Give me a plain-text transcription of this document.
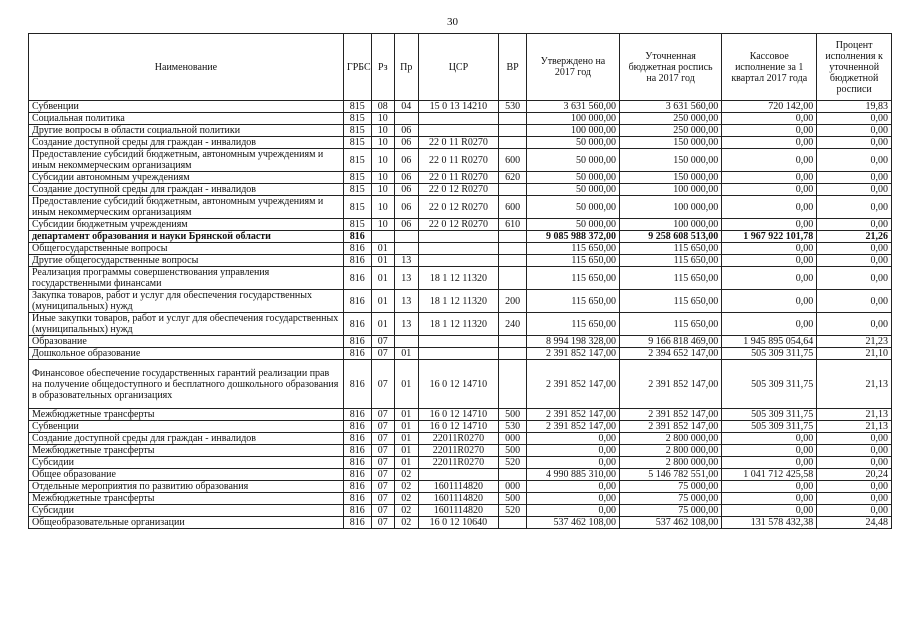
30
Наименование	ГРБС	Рз	Пр	ЦСР	ВР	Утверждено на 2017 год	Уточненная бюджетная роспись на 2017 год	Кассовое исполнение за 1 квартал 2017 года	Процент исполнения к уточненной бюджетной росписи
Субвенции	815	08	04	15 0 13 14210	530	3 631 560,00	3 631 560,00	720 142,00	19,83
Социальная политика	815	10				100 000,00	250 000,00	0,00	0,00
Другие вопросы в области социальной политики	815	10	06			100 000,00	250 000,00	0,00	0,00
Создание доступной среды для граждан - инвалидов	815	10	06	22 0 11 R0270		50 000,00	150 000,00	0,00	0,00
Предоставление субсидий бюджетным, автономным учреждениям и иным некоммерческим организациям	815	10	06	22 0 11 R0270	600	50 000,00	150 000,00	0,00	0,00
Субсидии автономным учреждениям	815	10	06	22 0 11 R0270	620	50 000,00	150 000,00	0,00	0,00
Создание доступной среды для граждан - инвалидов	815	10	06	22 0 12 R0270		50 000,00	100 000,00	0,00	0,00
Предоставление субсидий бюджетным, автономным учреждениям и иным некоммерческим организациям	815	10	06	22 0 12 R0270	600	50 000,00	100 000,00	0,00	0,00
Субсидии бюджетным учреждениям	815	10	06	22 0 12 R0270	610	50 000,00	100 000,00	0,00	0,00
департамент образования и науки Брянской области	816					9 085 988 372,00	9 258 608 513,00	1 967 922 101,78	21,26
Общегосударственные вопросы	816	01				115 650,00	115 650,00	0,00	0,00
Другие общегосударственные вопросы	816	01	13			115 650,00	115 650,00	0,00	0,00
Реализация программы совершенствования управления государственными финансами	816	01	13	18 1 12 11320		115 650,00	115 650,00	0,00	0,00
Закупка товаров, работ и услуг для обеспечения государственных (муниципальных) нужд	816	01	13	18 1 12 11320	200	115 650,00	115 650,00	0,00	0,00
Иные закупки товаров, работ и услуг для обеспечения государственных (муниципальных) нужд	816	01	13	18 1 12 11320	240	115 650,00	115 650,00	0,00	0,00
Образование	816	07				8 994 198 328,00	9 166 818 469,00	1 945 895 054,64	21,23
Дошкольное образование	816	07	01			2 391 852 147,00	2 394 652 147,00	505 309 311,75	21,10
Финансовое обеспечение государственных гарантий реализации прав на получение общедоступного и бесплатного дошкольного образования в образовательных организациях	816	07	01	16 0 12 14710		2 391 852 147,00	2 391 852 147,00	505 309 311,75	21,13
Межбюджетные трансферты	816	07	01	16 0 12 14710	500	2 391 852 147,00	2 391 852 147,00	505 309 311,75	21,13
Субвенции	816	07	01	16 0 12 14710	530	2 391 852 147,00	2 391 852 147,00	505 309 311,75	21,13
Создание доступной среды для граждан - инвалидов	816	07	01	22011R0270	000	0,00	2 800 000,00	0,00	0,00
Межбюджетные трансферты	816	07	01	22011R0270	500	0,00	2 800 000,00	0,00	0,00
Субсидии	816	07	01	22011R0270	520	0,00	2 800 000,00	0,00	0,00
Общее образование	816	07	02			4 990 885 310,00	5 146 782 551,00	1 041 712 425,58	20,24
Отдельные мероприятия по развитию образования	816	07	02	1601114820	000	0,00	75 000,00	0,00	0,00
Межбюджетные трансферты	816	07	02	1601114820	500	0,00	75 000,00	0,00	0,00
Субсидии	816	07	02	1601114820	520	0,00	75 000,00	0,00	0,00
Общеобразовательные организации	816	07	02	16 0 12 10640		537 462 108,00	537 462 108,00	131 578 432,38	24,48
